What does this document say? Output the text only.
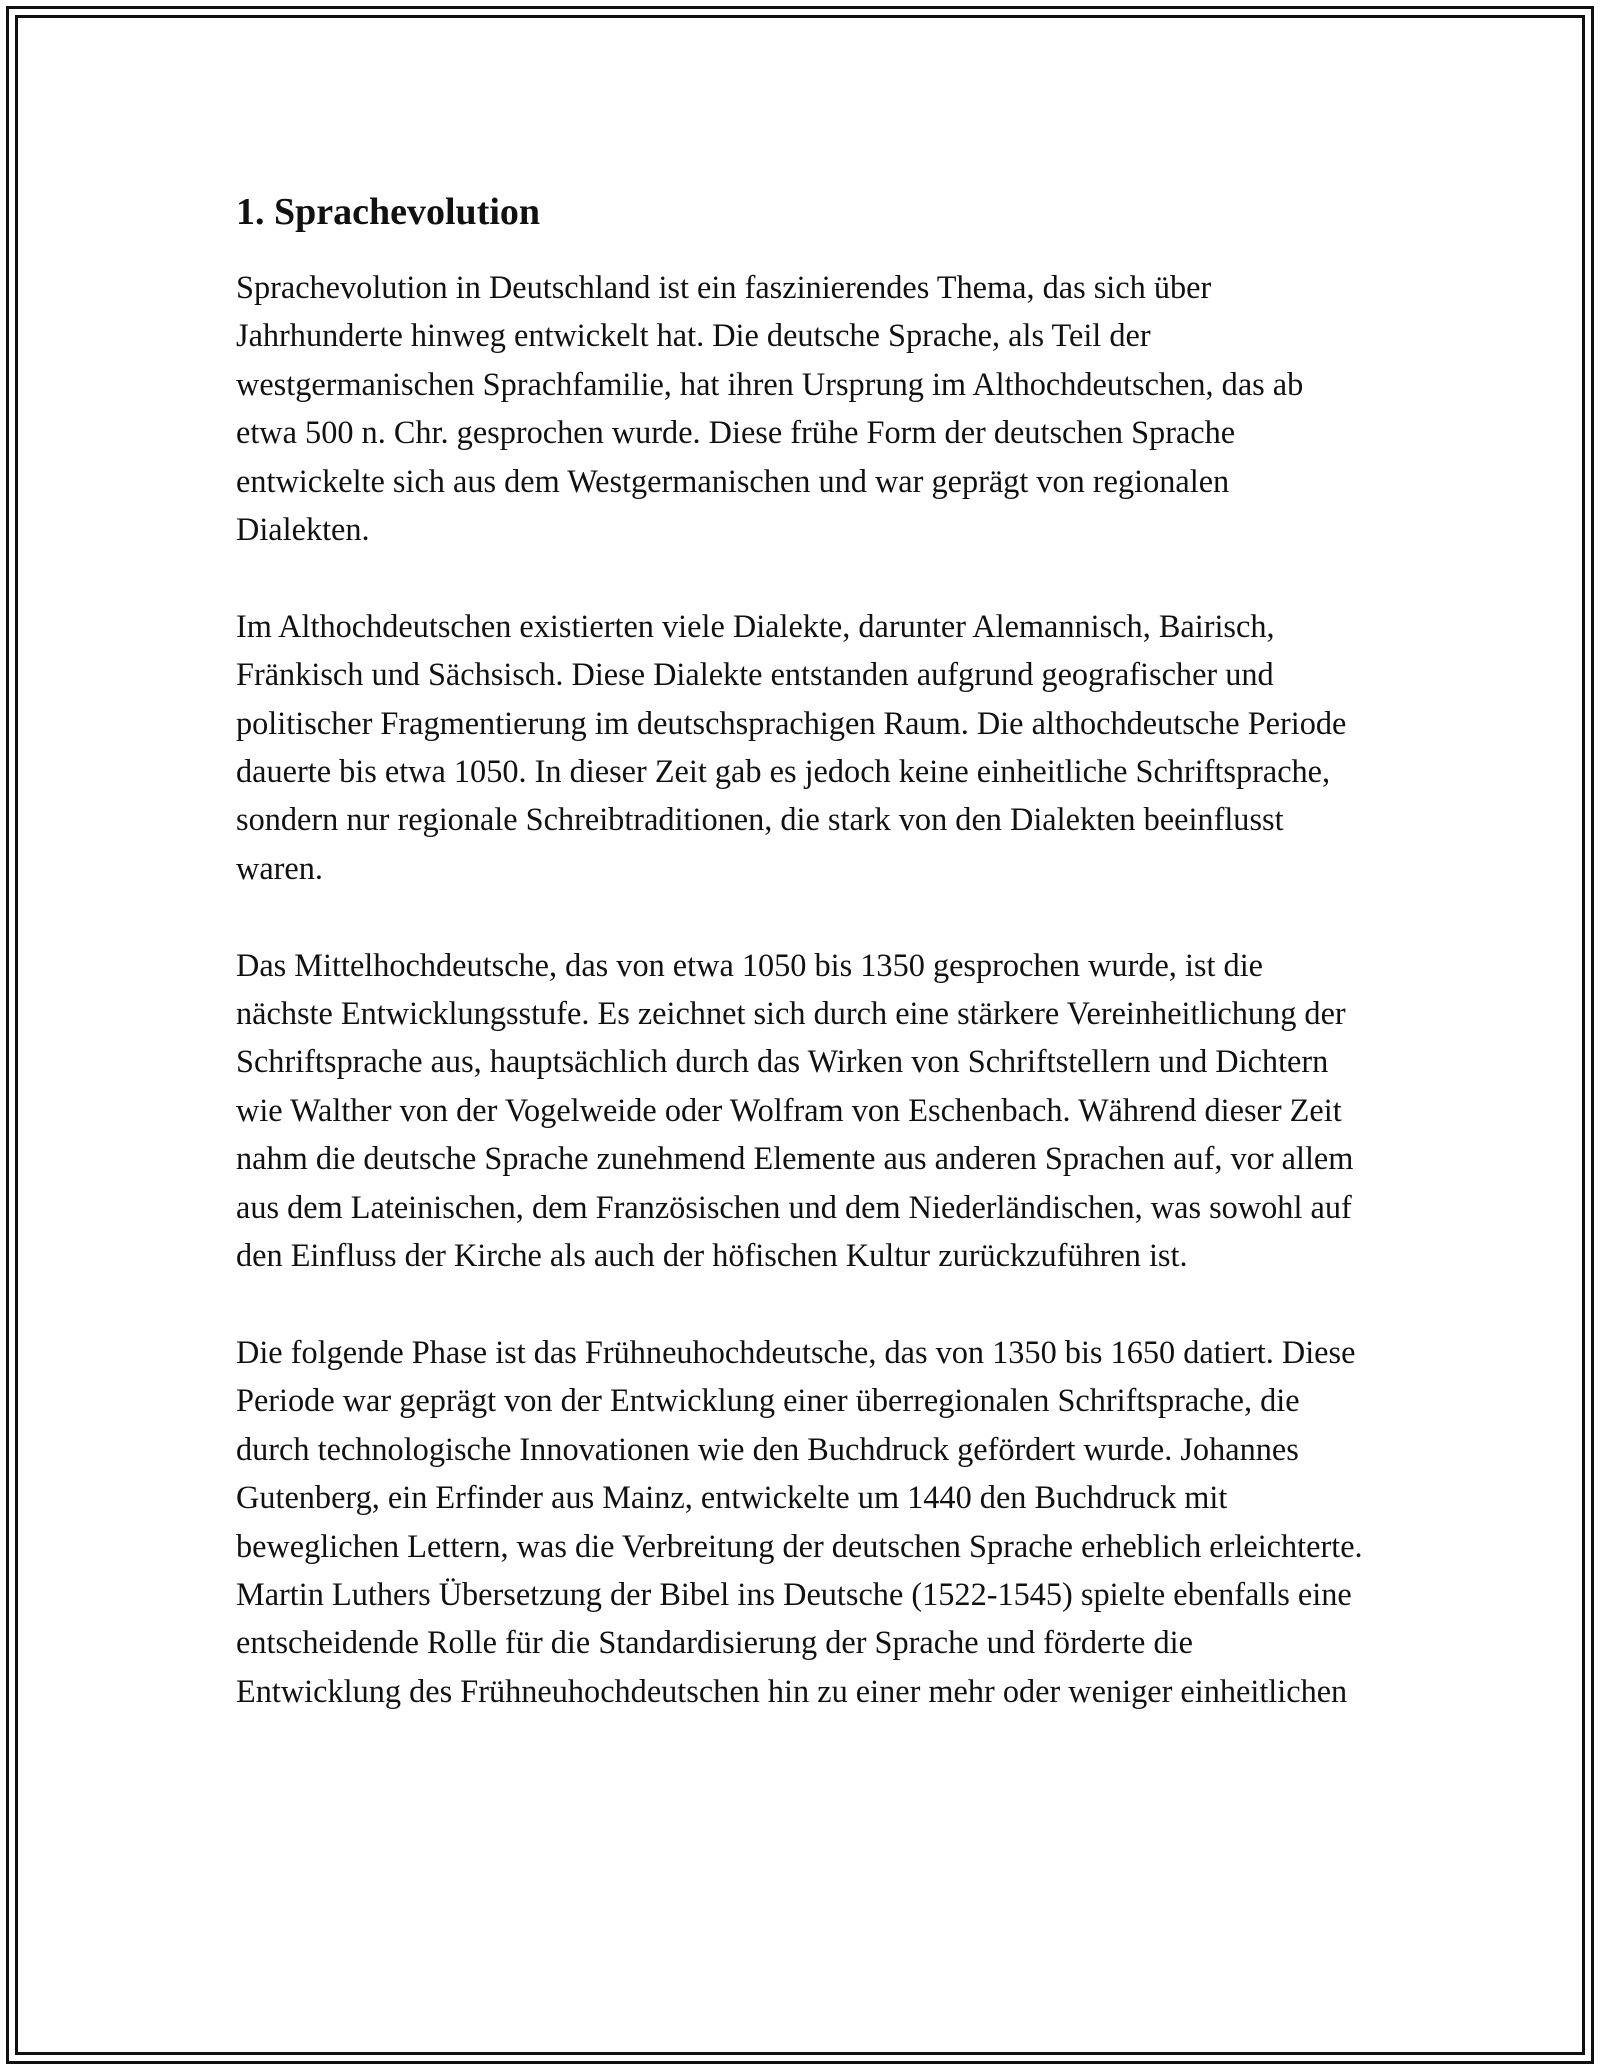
1. Sprachevolution

Sprachevolution in Deutschland ist ein faszinierendes Thema, das sich über Jahrhunderte hinweg entwickelt hat. Die deutsche Sprache, als Teil der westgermanischen Sprachfamilie, hat ihren Ursprung im Althochdeutschen, das ab etwa 500 n. Chr. gesprochen wurde. Diese frühe Form der deutschen Sprache entwickelte sich aus dem Westgermanischen und war geprägt von regionalen Dialekten.

Im Althochdeutschen existierten viele Dialekte, darunter Alemannisch, Bairisch, Fränkisch und Sächsisch. Diese Dialekte entstanden aufgrund geografischer und politischer Fragmentierung im deutschsprachigen Raum. Die althochdeutsche Periode dauerte bis etwa 1050. In dieser Zeit gab es jedoch keine einheitliche Schriftsprache, sondern nur regionale Schreibtraditionen, die stark von den Dialekten beeinflusst waren.

Das Mittelhochdeutsche, das von etwa 1050 bis 1350 gesprochen wurde, ist die nächste Entwicklungsstufe. Es zeichnet sich durch eine stärkere Vereinheitlichung der Schriftsprache aus, hauptsächlich durch das Wirken von Schriftstellern und Dichtern wie Walther von der Vogelweide oder Wolfram von Eschenbach. Während dieser Zeit nahm die deutsche Sprache zunehmend Elemente aus anderen Sprachen auf, vor allem aus dem Lateinischen, dem Französischen und dem Niederländischen, was sowohl auf den Einfluss der Kirche als auch der höfischen Kultur zurückzuführen ist.

Die folgende Phase ist das Frühneuhochdeutsche, das von 1350 bis 1650 datiert. Diese Periode war geprägt von der Entwicklung einer überregionalen Schriftsprache, die durch technologische Innovationen wie den Buchdruck gefördert wurde. Johannes Gutenberg, ein Erfinder aus Mainz, entwickelte um 1440 den Buchdruck mit beweglichen Lettern, was die Verbreitung der deutschen Sprache erheblich erleichterte. Martin Luthers Übersetzung der Bibel ins Deutsche (1522-1545) spielte ebenfalls eine entscheidende Rolle für die Standardisierung der Sprache und förderte die Entwicklung des Frühneuhochdeutschen hin zu einer mehr oder weniger einheitlichen
